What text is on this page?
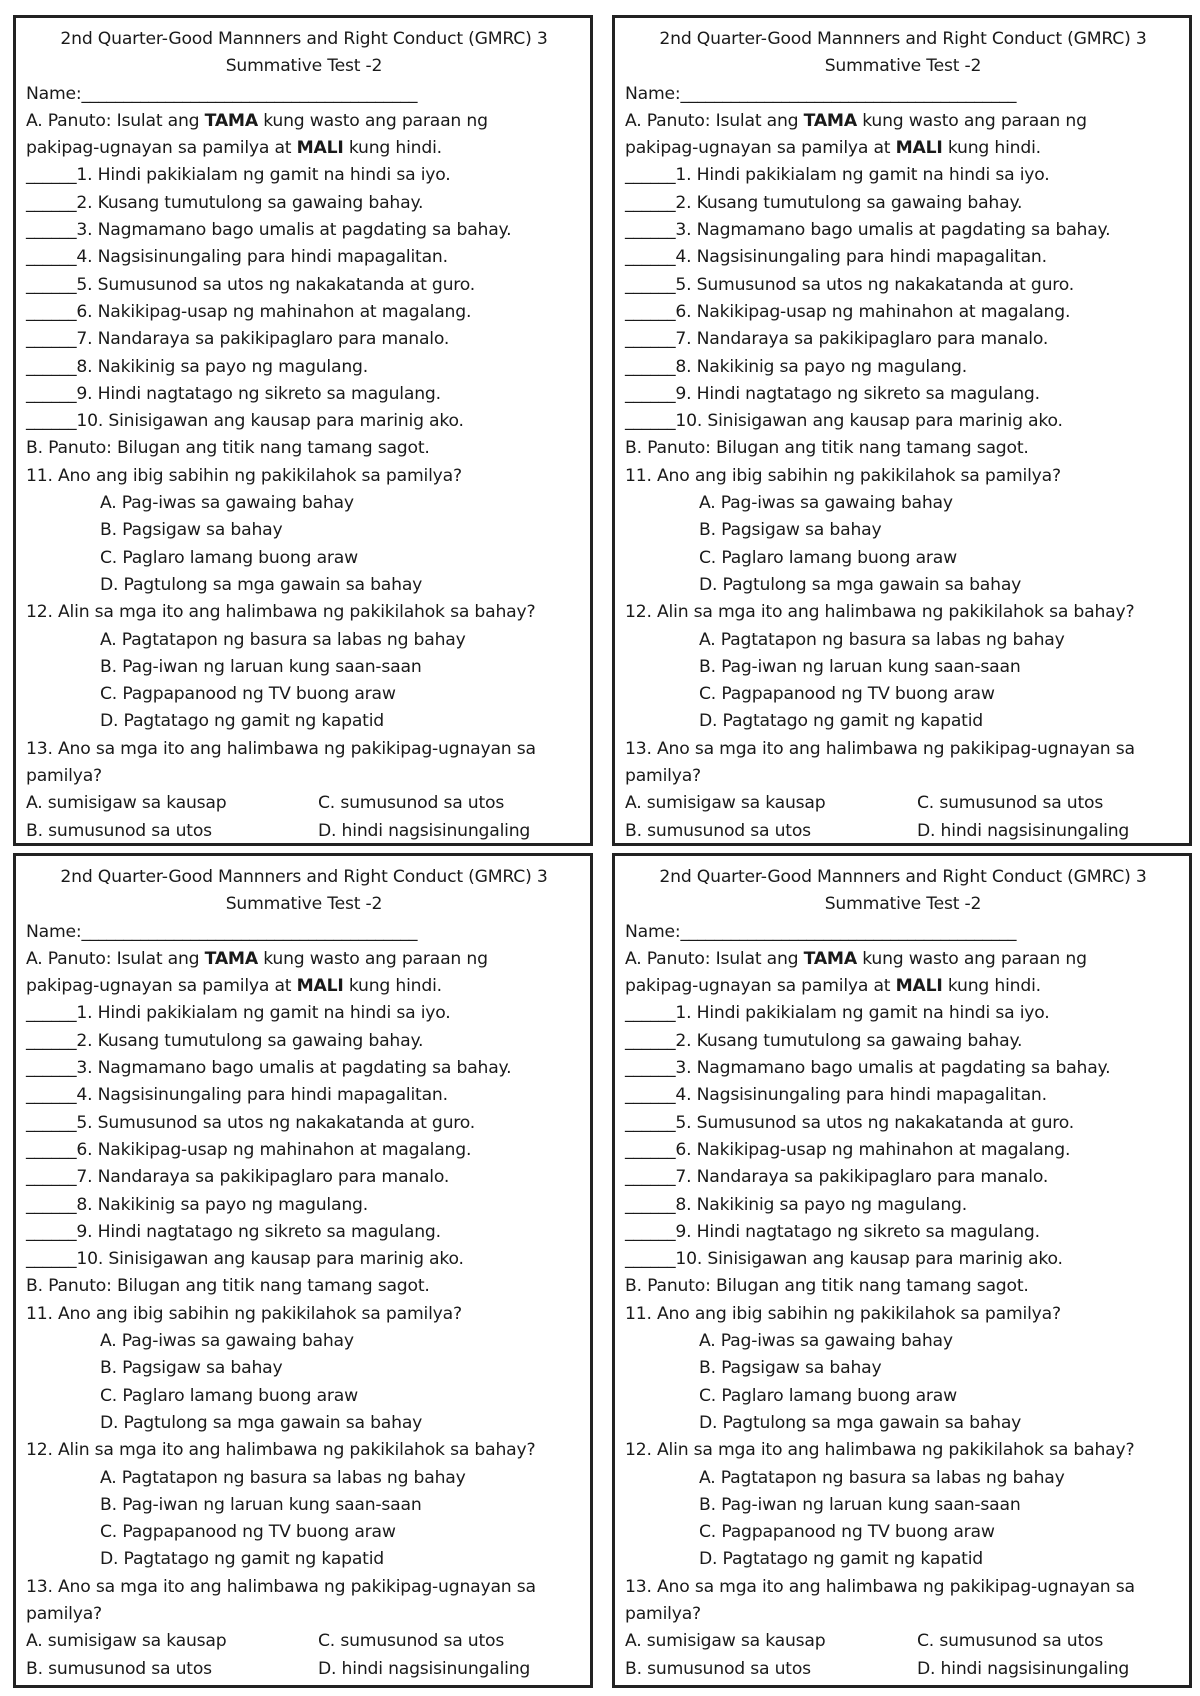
2nd Quarter-Good Mannners and Right Conduct (GMRC) 3
Summative Test -2
Name:________________________________________
A. Panuto: Isulat ang TAMA kung wasto ang paraan ng
pakipag-ugnayan sa pamilya at MALI kung hindi.
______1. Hindi pakikialam ng gamit na hindi sa iyo.
______2. Kusang tumutulong sa gawaing bahay.
______3. Nagmamano bago umalis at pagdating sa bahay.
______4. Nagsisinungaling para hindi mapagalitan.
______5. Sumusunod sa utos ng nakakatanda at guro.
______6. Nakikipag-usap ng mahinahon at magalang.
______7. Nandaraya sa pakikipaglaro para manalo.
______8. Nakikinig sa payo ng magulang.
______9. Hindi nagtatago ng sikreto sa magulang.
______10. Sinisigawan ang kausap para marinig ako.
B. Panuto: Bilugan ang titik nang tamang sagot.
11. Ano ang ibig sabihin ng pakikilahok sa pamilya?
A. Pag-iwas sa gawaing bahay
B. Pagsigaw sa bahay
C. Paglaro lamang buong araw
D. Pagtulong sa mga gawain sa bahay
12. Alin sa mga ito ang halimbawa ng pakikilahok sa bahay?
A. Pagtatapon ng basura sa labas ng bahay
B. Pag-iwan ng laruan kung saan-saan
C. Pagpapanood ng TV buong araw
D. Pagtatago ng gamit ng kapatid
13. Ano sa mga ito ang halimbawa ng pakikipag-ugnayan sa
pamilya?
A. sumisigaw sa kausap	C. sumusunod sa utos
B. sumusunod sa utos	D. hindi nagsisinungaling
2nd Quarter-Good Mannners and Right Conduct (GMRC) 3
Summative Test -2
Name:________________________________________
A. Panuto: Isulat ang TAMA kung wasto ang paraan ng
pakipag-ugnayan sa pamilya at MALI kung hindi.
______1. Hindi pakikialam ng gamit na hindi sa iyo.
______2. Kusang tumutulong sa gawaing bahay.
______3. Nagmamano bago umalis at pagdating sa bahay.
______4. Nagsisinungaling para hindi mapagalitan.
______5. Sumusunod sa utos ng nakakatanda at guro.
______6. Nakikipag-usap ng mahinahon at magalang.
______7. Nandaraya sa pakikipaglaro para manalo.
______8. Nakikinig sa payo ng magulang.
______9. Hindi nagtatago ng sikreto sa magulang.
______10. Sinisigawan ang kausap para marinig ako.
B. Panuto: Bilugan ang titik nang tamang sagot.
11. Ano ang ibig sabihin ng pakikilahok sa pamilya?
A. Pag-iwas sa gawaing bahay
B. Pagsigaw sa bahay
C. Paglaro lamang buong araw
D. Pagtulong sa mga gawain sa bahay
12. Alin sa mga ito ang halimbawa ng pakikilahok sa bahay?
A. Pagtatapon ng basura sa labas ng bahay
B. Pag-iwan ng laruan kung saan-saan
C. Pagpapanood ng TV buong araw
D. Pagtatago ng gamit ng kapatid
13. Ano sa mga ito ang halimbawa ng pakikipag-ugnayan sa
pamilya?
A. sumisigaw sa kausap	C. sumusunod sa utos
B. sumusunod sa utos	D. hindi nagsisinungaling
2nd Quarter-Good Mannners and Right Conduct (GMRC) 3
Summative Test -2
Name:________________________________________
A. Panuto: Isulat ang TAMA kung wasto ang paraan ng
pakipag-ugnayan sa pamilya at MALI kung hindi.
______1. Hindi pakikialam ng gamit na hindi sa iyo.
______2. Kusang tumutulong sa gawaing bahay.
______3. Nagmamano bago umalis at pagdating sa bahay.
______4. Nagsisinungaling para hindi mapagalitan.
______5. Sumusunod sa utos ng nakakatanda at guro.
______6. Nakikipag-usap ng mahinahon at magalang.
______7. Nandaraya sa pakikipaglaro para manalo.
______8. Nakikinig sa payo ng magulang.
______9. Hindi nagtatago ng sikreto sa magulang.
______10. Sinisigawan ang kausap para marinig ako.
B. Panuto: Bilugan ang titik nang tamang sagot.
11. Ano ang ibig sabihin ng pakikilahok sa pamilya?
A. Pag-iwas sa gawaing bahay
B. Pagsigaw sa bahay
C. Paglaro lamang buong araw
D. Pagtulong sa mga gawain sa bahay
12. Alin sa mga ito ang halimbawa ng pakikilahok sa bahay?
A. Pagtatapon ng basura sa labas ng bahay
B. Pag-iwan ng laruan kung saan-saan
C. Pagpapanood ng TV buong araw
D. Pagtatago ng gamit ng kapatid
13. Ano sa mga ito ang halimbawa ng pakikipag-ugnayan sa
pamilya?
A. sumisigaw sa kausap	C. sumusunod sa utos
B. sumusunod sa utos	D. hindi nagsisinungaling
2nd Quarter-Good Mannners and Right Conduct (GMRC) 3
Summative Test -2
Name:________________________________________
A. Panuto: Isulat ang TAMA kung wasto ang paraan ng
pakipag-ugnayan sa pamilya at MALI kung hindi.
______1. Hindi pakikialam ng gamit na hindi sa iyo.
______2. Kusang tumutulong sa gawaing bahay.
______3. Nagmamano bago umalis at pagdating sa bahay.
______4. Nagsisinungaling para hindi mapagalitan.
______5. Sumusunod sa utos ng nakakatanda at guro.
______6. Nakikipag-usap ng mahinahon at magalang.
______7. Nandaraya sa pakikipaglaro para manalo.
______8. Nakikinig sa payo ng magulang.
______9. Hindi nagtatago ng sikreto sa magulang.
______10. Sinisigawan ang kausap para marinig ako.
B. Panuto: Bilugan ang titik nang tamang sagot.
11. Ano ang ibig sabihin ng pakikilahok sa pamilya?
A. Pag-iwas sa gawaing bahay
B. Pagsigaw sa bahay
C. Paglaro lamang buong araw
D. Pagtulong sa mga gawain sa bahay
12. Alin sa mga ito ang halimbawa ng pakikilahok sa bahay?
A. Pagtatapon ng basura sa labas ng bahay
B. Pag-iwan ng laruan kung saan-saan
C. Pagpapanood ng TV buong araw
D. Pagtatago ng gamit ng kapatid
13. Ano sa mga ito ang halimbawa ng pakikipag-ugnayan sa
pamilya?
A. sumisigaw sa kausap	C. sumusunod sa utos
B. sumusunod sa utos	D. hindi nagsisinungaling
